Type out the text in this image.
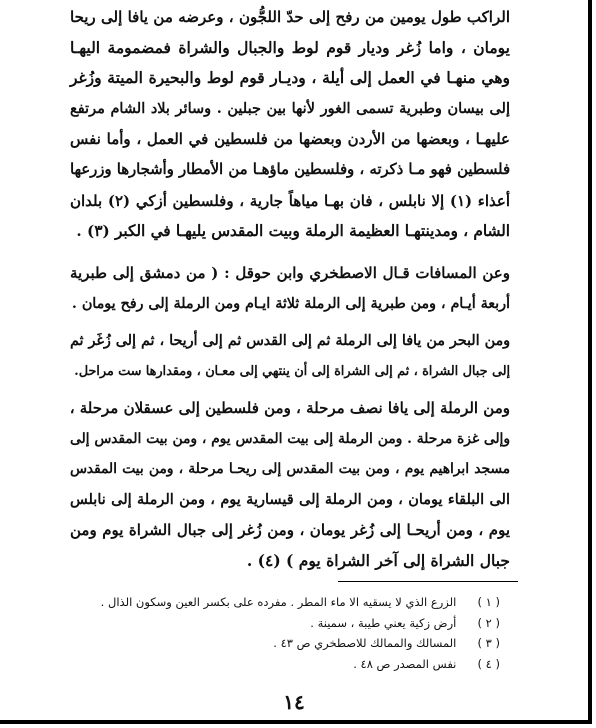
الراكب طول يومين من رفح إلى حدّ اللجُّون ، وعرضه من يافا إلى ريحا
يومان ، واما زُغر وديار قوم لوط والجبال والشراة فمضمومة اليهـا
وهي منهـا في العمل إلى أيلة ، وديـار قوم لوط والبحيرة الميتة وزُغر
إلى بيسان وطبرية تسمى الغور لأنها بين جبلين . وسائر بلاد الشام مرتفع
عليهـا ، وبعضها من الأردن وبعضها من فلسطين في العمل ، وأما نفس
فلسطين فهو مـا ذكرته ، وفلسطين ماؤهـا من الأمطار وأشجارها وزرعها
أعذاء (١) إلا نابلس ، فان بهـا مياهاً جارية ، وفلسطين أزكي (٢) بلدان
الشام ، ومدينتهـا العظيمة الرملة وبيت المقدس يليهـا في الكبر (٣) .
وعن المسافات قـال الاصطخري وابن حوقل : ( من دمشق إلى طبرية
أربعة أيـام ، ومن طبرية إلى الرملة ثلاثة ايـام ومن الرملة إلى رفح يومان .
ومن البحر من يافا إلى الرملة ثم إلى القدس ثم إلى أريحا ، ثم إلى زُغَر ثم
إلى جبال الشراة ، ثم إلى الشراة إلى أن ينتهي إلى معـان ، ومقدارها ست مراحل.
ومن الرملة إلى يافا نصف مرحلة ، ومن فلسطين إلى عسقلان مرحلة ،
وإلى غزة مرحلة . ومن الرملة إلى بيت المقدس يوم ، ومن بيت المقدس إلى
مسجد ابراهيم يوم ، ومن بيت المقدس إلى ريحـا مرحلة ، ومن بيت المقدس
الى البلقاء يومان ، ومن الرملة إلى قيسارية يوم ، ومن الرملة إلى نابلس
يوم ، ومن أريحـا إلى زُغر يومان ، ومن زُغر إلى جبال الشراة يوم ومن
جبال الشراة إلى آخر الشراة يوم ) (٤) .
( ١ ) الزرع الذي لا يسقيه الا ماء المطر . مفرده على بكسر العين وسكون الذال .
( ٢ ) أرض زكية يعني طيبة ، سمينة .
( ٣ ) المسالك والممالك للاصطخري ص ٤٣ .
( ٤ ) نفس المصدر ص ٤٨ .
١٤
